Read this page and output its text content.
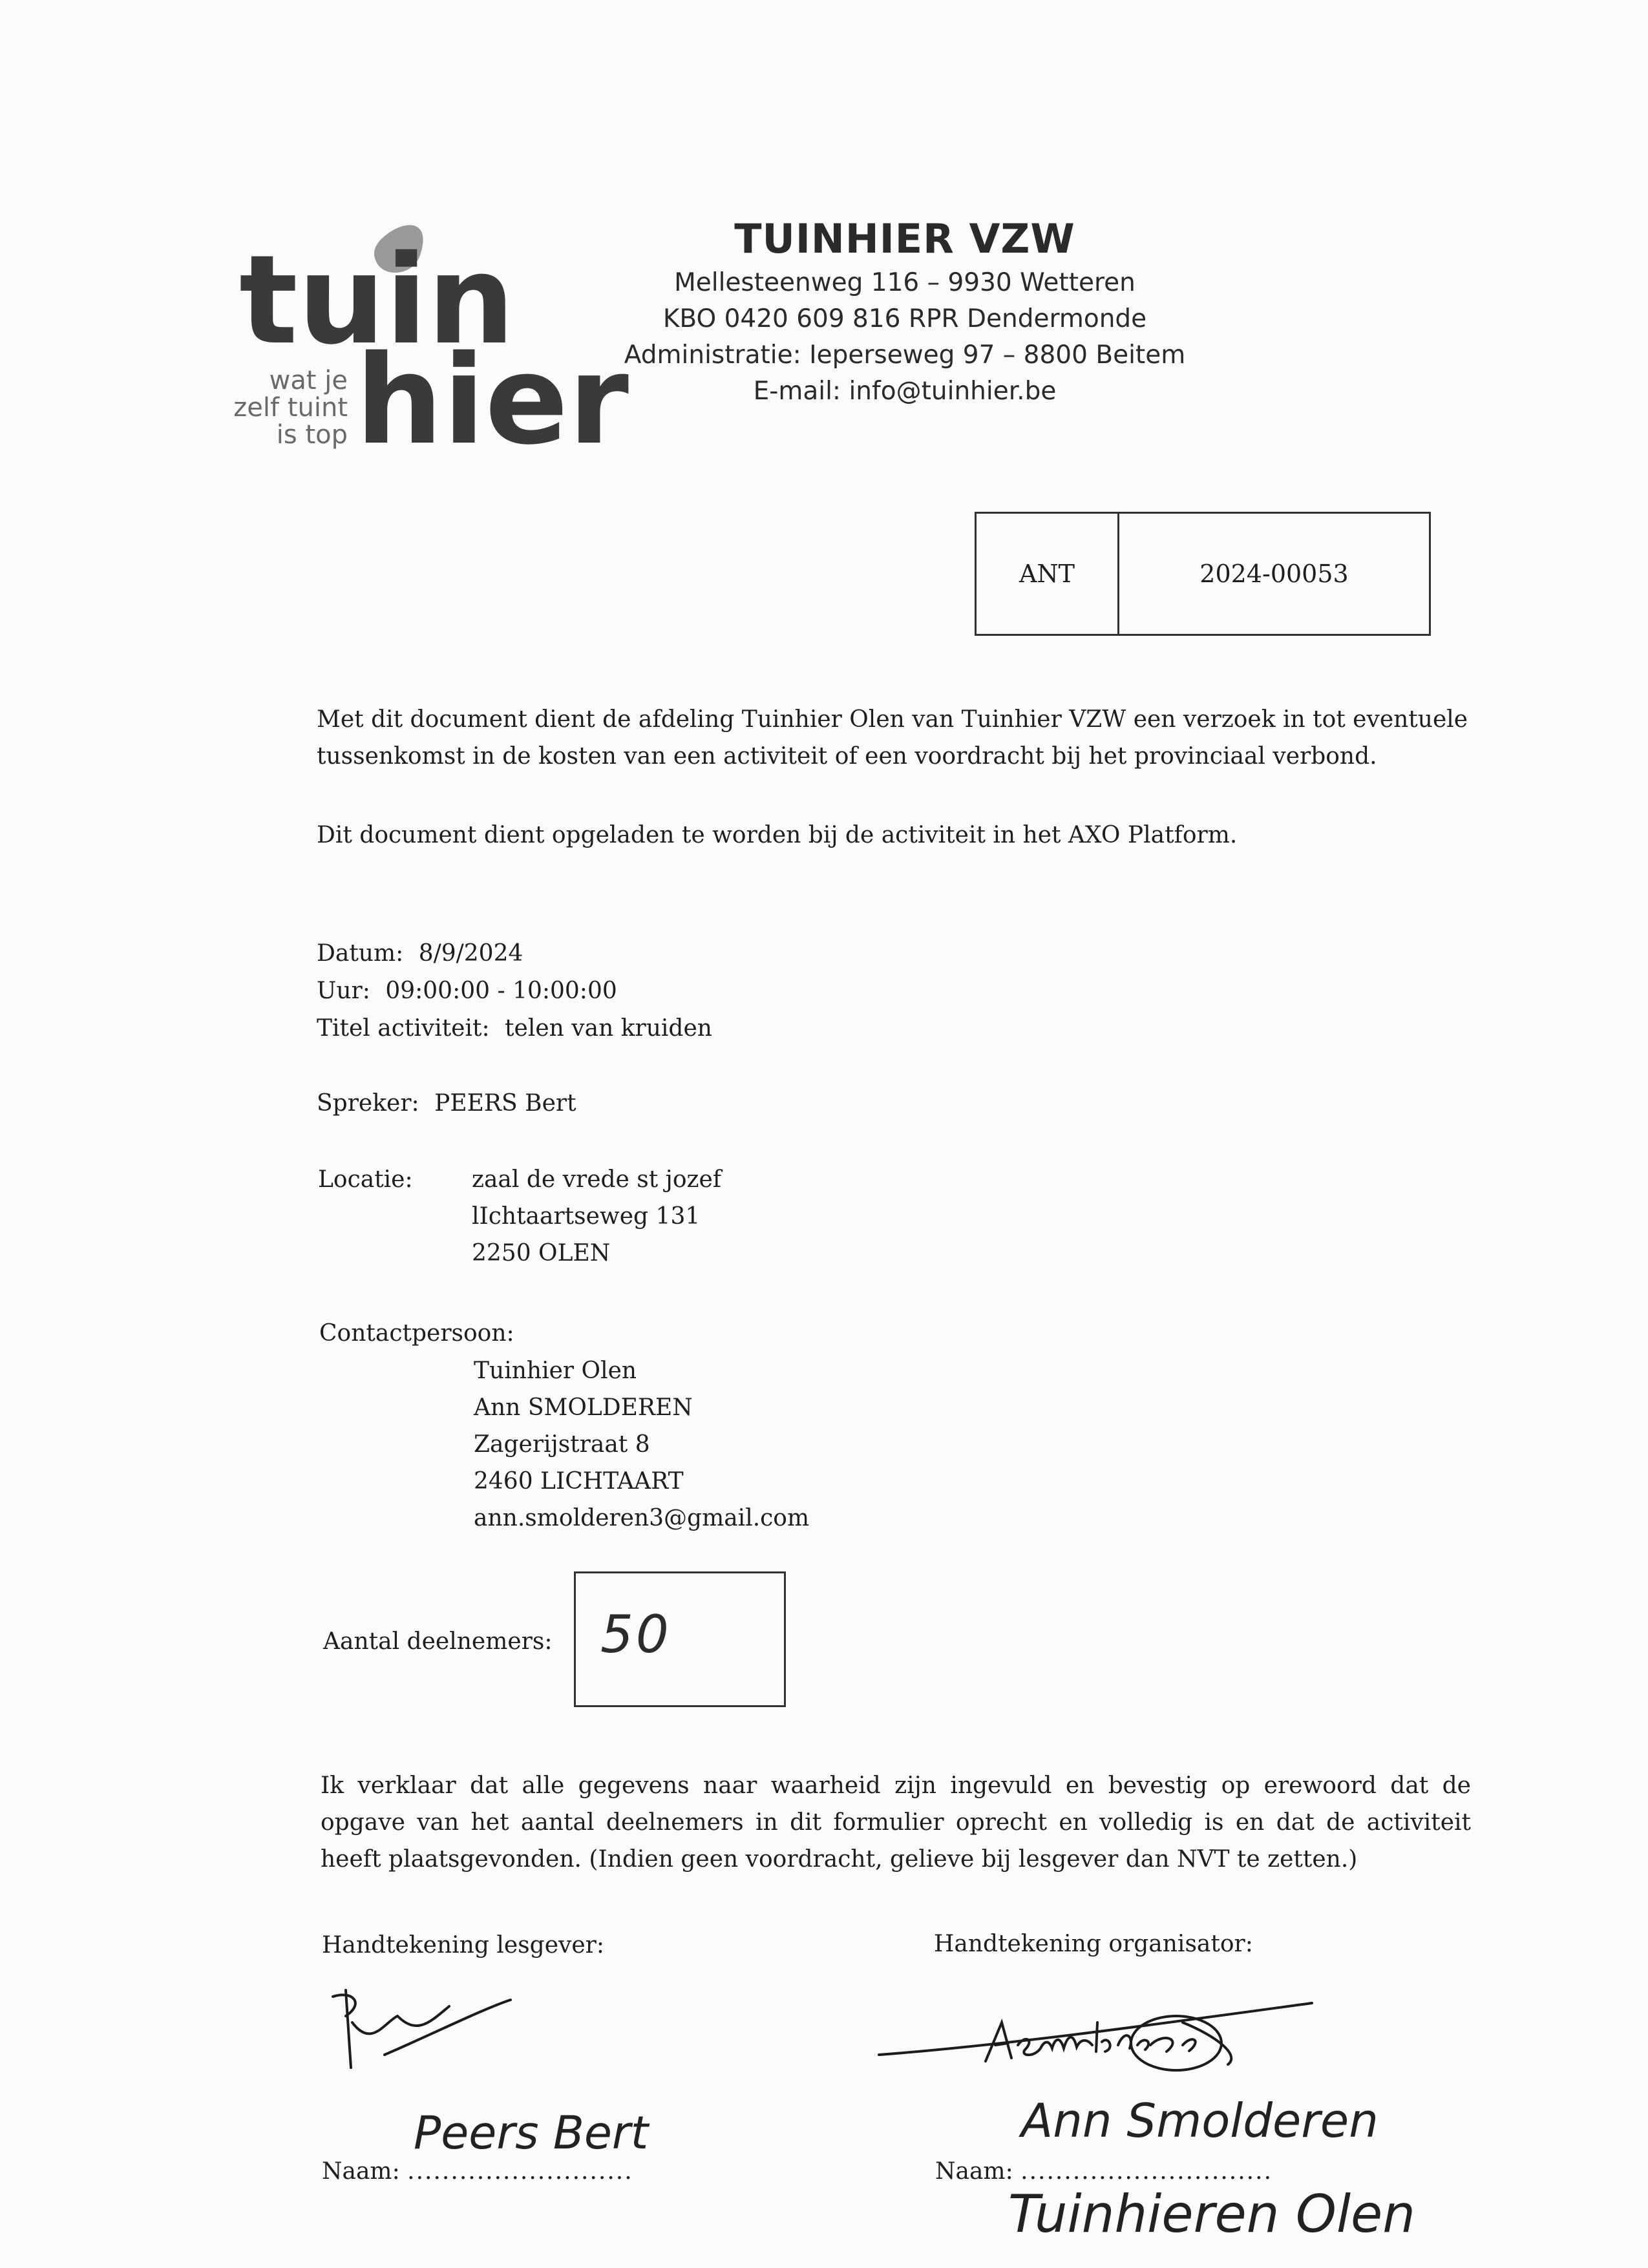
tuin
hier
wat je
zelf tuint
is top
TUINHIER VZW
Mellesteenweg 116 – 9930 Wetteren
KBO 0420 609 816 RPR Dendermonde
Administratie: Ieperseweg 97 – 8800 Beitem
E-mail: info@tuinhier.be
ANT	2024-00053
Met dit document dient de afdeling Tuinhier Olen van Tuinhier VZW een verzoek in tot eventuele tussenkomst in de kosten van een activiteit of een voordracht bij het provinciaal verbond.
Dit document dient opgeladen te worden bij de activiteit in het AXO Platform.
Datum: 8/9/2024
Uur: 09:00:00 - 10:00:00
Titel activiteit: telen van kruiden
Spreker: PEERS Bert
Locatie:	zaal de vrede st jozef
lIchtaartseweg 131
2250 OLEN
Contactpersoon:
Tuinhier Olen
Ann SMOLDEREN
Zagerijstraat 8
2460 LICHTAART
ann.smolderen3@gmail.com
Aantal deelnemers: 50
Ik verklaar dat alle gegevens naar waarheid zijn ingevuld en bevestig op erewoord dat de opgave van het aantal deelnemers in dit formulier oprecht en volledig is en dat de activiteit heeft plaatsgevonden. (Indien geen voordracht, gelieve bij lesgever dan NVT te zetten.)
Handtekening lesgever:	Handtekening organisator:
Naam: ..........................	Naam: .............................
Peers Bert	Ann Smolderen
Tuinhieren Olen
